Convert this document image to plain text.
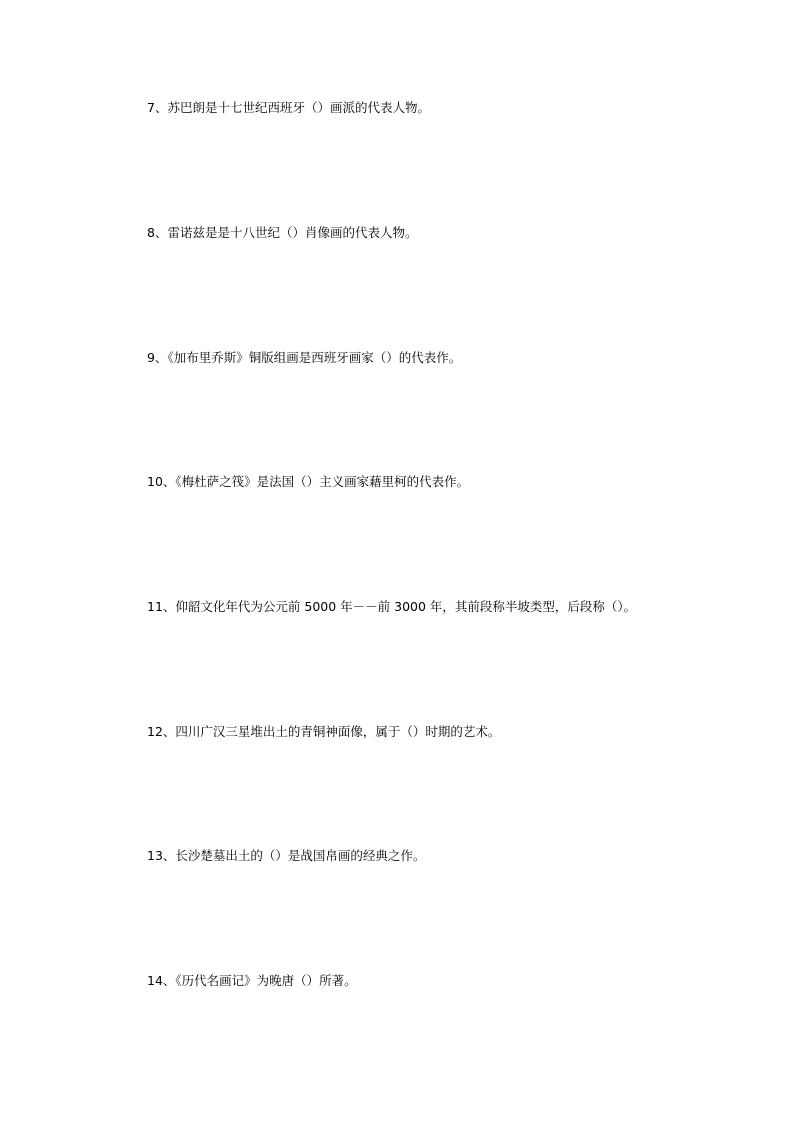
7、苏巴朗是十七世纪西班牙（）画派的代表人物。
8、雷诺兹是是十八世纪（）肖像画的代表人物。
9、《加布里乔斯》铜版组画是西班牙画家（）的代表作。
10、《梅杜萨之筏》是法国（）主义画家藉里柯的代表作。
11、仰韶文化年代为公元前 5000 年－－前 3000 年，其前段称半坡类型，后段称（）。
12、四川广汉三星堆出土的青铜神面像，属于（）时期的艺术。
13、长沙楚墓出土的（）是战国帛画的经典之作。
14、《历代名画记》为晚唐（）所著。
